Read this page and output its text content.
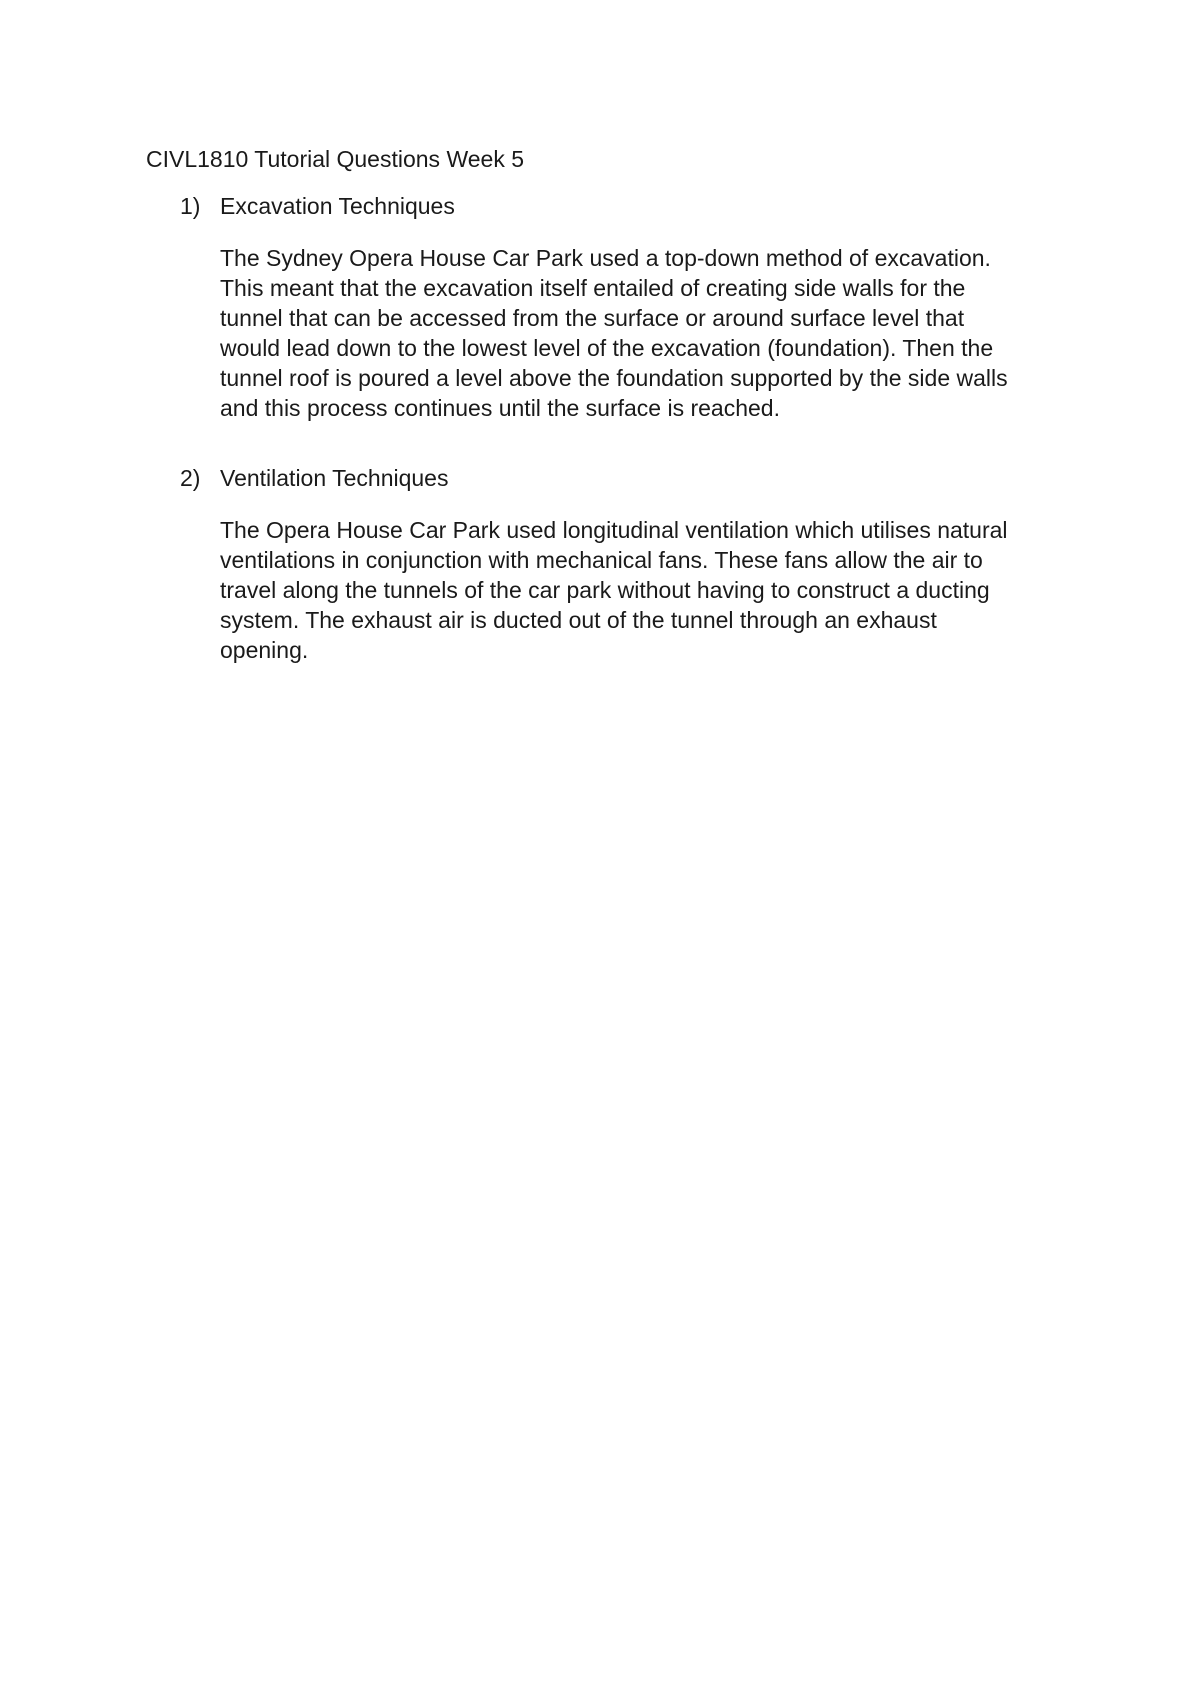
CIVL1810 Tutorial Questions Week 5
1) Excavation Techniques
The Sydney Opera House Car Park used a top-down method of excavation.
This meant that the excavation itself entailed of creating side walls for the
tunnel that can be accessed from the surface or around surface level that
would lead down to the lowest level of the excavation (foundation). Then the
tunnel roof is poured a level above the foundation supported by the side walls
and this process continues until the surface is reached.
2) Ventilation Techniques
The Opera House Car Park used longitudinal ventilation which utilises natural
ventilations in conjunction with mechanical fans. These fans allow the air to
travel along the tunnels of the car park without having to construct a ducting
system. The exhaust air is ducted out of the tunnel through an exhaust
opening.
